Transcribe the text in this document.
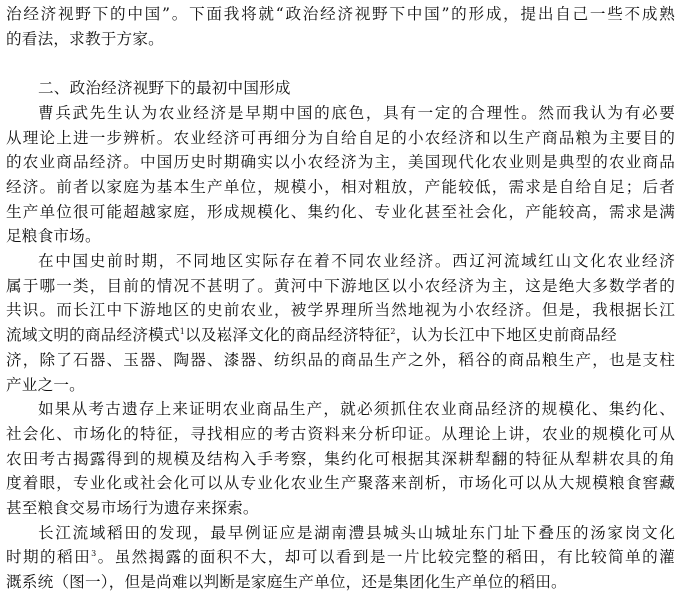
治经济视野下的中国”。下面我将就“政治经济视野下中国”的形成，提出自己一些不成熟
的看法，求教于方家。
二、政治经济视野下的最初中国形成
曹兵武先生认为农业经济是早期中国的底色，具有一定的合理性。然而我认为有必要
从理论上进一步辨析。农业经济可再细分为自给自足的小农经济和以生产商品粮为主要目的
的农业商品经济。中国历史时期确实以小农经济为主，美国现代化农业则是典型的农业商品
经济。前者以家庭为基本生产单位，规模小，相对粗放，产能较低，需求是自给自足；后者
生产单位很可能超越家庭，形成规模化、集约化、专业化甚至社会化，产能较高，需求是满
足粮食市场。
在中国史前时期，不同地区实际存在着不同农业经济。西辽河流域红山文化农业经济
属于哪一类，目前的情况不甚明了。黄河中下游地区以小农经济为主，这是绝大多数学者的
共识。而长江中下游地区的史前农业，被学界理所当然地视为小农经济。但是，我根据长江
流域文明的商品经济模式$^1$以及崧泽文化的商品经济特征$^2$，认为长江中下地区史前商品经
济，除了石器、玉器、陶器、漆器、纺织品的商品生产之外，稻谷的商品粮生产，也是支柱
产业之一。
如果从考古遗存上来证明农业商品生产，就必须抓住农业商品经济的规模化、集约化、
社会化、市场化的特征，寻找相应的考古资料来分析印证。从理论上讲，农业的规模化可从
农田考古揭露得到的规模及结构入手考察，集约化可根据其深耕犁翻的特征从犁耕农具的角
度着眼，专业化或社会化可以从专业化农业生产聚落来剖析，市场化可以从大规模粮食窖藏
甚至粮食交易市场行为遗存来探索。
长江流域稻田的发现，最早例证应是湖南澧县城头山城址东门址下叠压的汤家岗文化
时期的稻田$^3$。虽然揭露的面积不大，却可以看到是一片比较完整的稻田，有比较简单的灌
溉系统（图一），但是尚难以判断是家庭生产单位，还是集团化生产单位的稻田。
